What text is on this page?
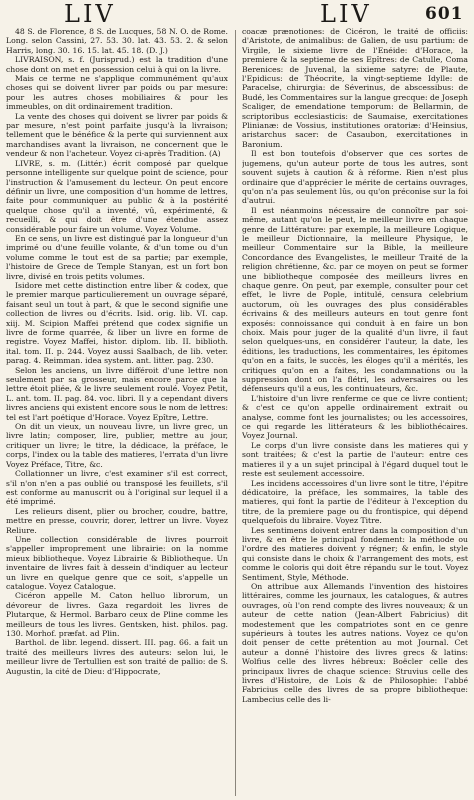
LIV	LIV	601

48 S. de Florence, 8 S. de Lucques, 58 N. O. de Rome. Long. selon Cassini, 27. 53. 30. lat. 43. 53. 2. & selon Harris, long. 30. 16. 15. lat. 45. 18. (D. J.)

LIVRAISON, s. f. (Jurisprud.) est la tradition d'une chose dont on met en possession celui à qui on la livre.

Mais ce terme ne s'applique communément qu'aux choses qui se doivent livrer par poids ou par mesure: pour les autres choses mobiliaires & pour les immeubles, on dit ordinairement tradition.

La vente des choses qui doivent se livrer par poids & par mesure, n'est point parfaite jusqu'à la livraison; tellement que le bénéfice & la perte qui surviennent aux marchandises avant la livraison, ne concernent que le vendeur & non l'acheteur. Voyez ci-après Tradition. (A)

LIVRE, s. m. (Littér.) écrit composé par quelque personne intelligente sur quelque point de science, pour l'instruction & l'amusement du lecteur. On peut encore définir un livre, une composition d'un homme de lettres, faite pour communiquer au public & à la postérité quelque chose qu'il a inventé, vû, expérimenté, & recueilli, & qui doit être d'une étendue assez considérable pour faire un volume. Voyez Volume.

En ce sens, un livre est distingué par la longueur d'un imprimé ou d'une feuille volante, & d'un tome ou d'un volume comme le tout est de sa partie; par exemple, l'histoire de Grece de Temple Stanyan, est un fort bon livre, divisé en trois petits volumes.

Isidore met cette distinction entre liber & codex, que le premier marque particulierement un ouvrage séparé, faisant seul un tout à part, & que le second signifie une collection de livres ou d'écrits. Isid. orig. lib. VI. cap. xiij. M. Scipion Maffei prétend que codex signifie un livre de forme quarrée, & liber un livre en forme de registre. Voyez Maffei, histor. diplom. lib. II. biblioth. ital. tom. II. p. 244. Voyez aussi Saalbach, de lib. veter. parag. 4. Reimman. idea system. ant. litter. pag. 230.

Selon les anciens, un livre différoit d'une lettre non seulement par sa grosseur, mais encore parce que la lettre étoit pliée, & le livre seulement roulé. Voyez Petit, L. ant. tom. II. pag. 84. voc. libri. Il y a cependant divers livres anciens qui existent encore sous le nom de lettres: tel est l'art poétique d'Horace. Voyez Epître, Lettre.

On dit un vieux, un nouveau livre, un livre grec, un livre latin; composer, lire, publier, mettre au jour, critiquer un livre; le titre, la dédicace, la préface, le corps, l'index ou la table des matieres, l'errata d'un livre Voyez Préface, Titre, &c.

Collationner un livre, c'est examiner s'il est correct, s'il n'on n'en a pas oublié ou transposé les feuillets, s'il est conforme au manuscrit ou à l'original sur lequel il a été imprimé.

Les relieurs disent, plier ou brocher, coudre, battre, mettre en presse, couvrir, dorer, lettrer un livre. Voyez Reliure.

Une collection considérable de livres pourroit s'appeller improprement une librairie: on la nomme mieux bibliotheque. Voyez Librairie & Bibliotheque. Un inventaire de livres fait à dessein d'indiquer au lecteur un livre en quelque genre que ce soit, s'appelle un catalogue. Voyez Catalogue.

Cicéron appelle M. Caton helluo librorum, un dévoreur de livres. Gaza regardoit les livres de Plutarque, & Hermol. Barbaro ceux de Pline comme les meilleurs de tous les livres. Gentsken, hist. philos. pag. 130. Morhof. præfat. ad Plin.

Barthol. de libr. legend. dissert. III. pag. 66. a fait un traité des meilleurs livres des auteurs: selon lui, le meilleur livre de Tertullien est son traité de pallio: de S. Augustin, la cité de Dieu: d'Hippocrate,

coacæ prænotiones: de Cicéron, le traité de officiis: d'Aristote, de animalibus: de Galien, de usu partium: de Virgile, le sixieme livre de l'Enéide: d'Horace, la premiere & la septieme de ses Epîtres: de Catulle, Coma Berenices: de Juvenal, la sixieme satyre: de Plaute, l'Epidicus: de Théocrite, la vingt-septieme Idylle: de Paracelse, chirurgia: de Séverinus, de abscessibus: de Budé, les Commentaires sur la langue grecque: de Joseph Scaliger, de emendatione temporum: de Bellarmin, de scriptoribus ecclesiasticis: de Saumaise, exercitationes Plinianæ: de Vossius, institutiones oratoriæ: d'Heinsius, aristarchus sacer: de Casaubon, exercitationes in Baronium.

Il est bon toutefois d'observer que ces sortes de jugemens, qu'un auteur porte de tous les autres, sont souvent sujets à caution & à réforme. Rien n'est plus ordinaire que d'apprécier le mérite de certains ouvrages, qu'on n'a pas seulement lûs, ou qu'on préconise sur la foi d'autrui.

Il est néanmoins nécessaire de connoître par soi-même, autant qu'on le peut, le meilleur livre en chaque genre de Littérature: par exemple, la meilleure Logique, le meilleur Dictionnaire, la meilleure Physique, le meilleur Commentaire sur la Bible, la meilleure Concordance des Evangelistes, le meilleur Traité de la religion chrétienne, &c. par ce moyen on peut se former une bibliotheque composée des meilleurs livres en chaque genre. On peut, par exemple, consulter pour cet effet, le livre de Pople, intitulé, censura celebrium auctorum, où les ouvrages des plus considérables écrivains & des meilleurs auteurs en tout genre font exposés: connoissance qui conduit à en faire un bon choix. Mais pour juger de la qualité d'un livre, il faut selon quelques-uns, en considérer l'auteur, la date, les éditions, les traductions, les commentaires, les épitomes qu'on en a faits, le succès, les éloges qu'il a mérités, les critiques qu'on en a faites, les condamnations ou la suppression dont on l'a flétri, les adversaires ou les défenseurs qu'il a eus, les continuateurs, &c.

L'histoire d'un livre renferme ce que ce livre contient; & c'est ce qu'on appelle ordinairement extrait ou analyse, comme font les journalistes; ou les accessoires, ce qui regarde les littérateurs & les bibliothécaires. Voyez Journal.

Le corps d'un livre consiste dans les matieres qui y sont traitées; & c'est la partie de l'auteur: entre ces matieres il y a un sujet principal à l'égard duquel tout le reste est seulement accessoire.

Les incidens accessoires d'un livre sont le titre, l'épitre dédicatoire, la préface, les sommaires, la table des matieres, qui font la partie de l'éditeur à l'exception du titre, de la premiere page ou du frontispice, qui dépend quelquefois du libraire. Voyez Titre.

Les sentimens doivent entrer dans la composition d'un livre, & en être le principal fondement: la méthode ou l'ordre des matieres doivent y régner; & enfin, le style qui consiste dans le choix & l'arrangement des mots, est comme le coloris qui doit être répandu sur le tout. Voyez Sentiment, Style, Méthode.

On attribue aux Allemands l'invention des histoires littéraires, comme les journaux, les catalogues, & autres ouvrages, où l'on rend compte des livres nouveaux; & un auteur de cette nation (Jean-Albert Fabricius) dit modestement que les compatriotes sont en ce genre supérieurs à toutes les autres nations. Voyez ce qu'on doit penser de cette prétention au mot Journal. Cet auteur a donné l'histoire des livres grecs & latins: Wolfius celle des livres hébreux: Boëcler celle des principaux livres de chaque science: Struvius celle des livres d'Histoire, de Lois & de Philosophie: l'abbé Fabricius celle des livres de sa propre bibliotheque: Lambecius celle des li-
